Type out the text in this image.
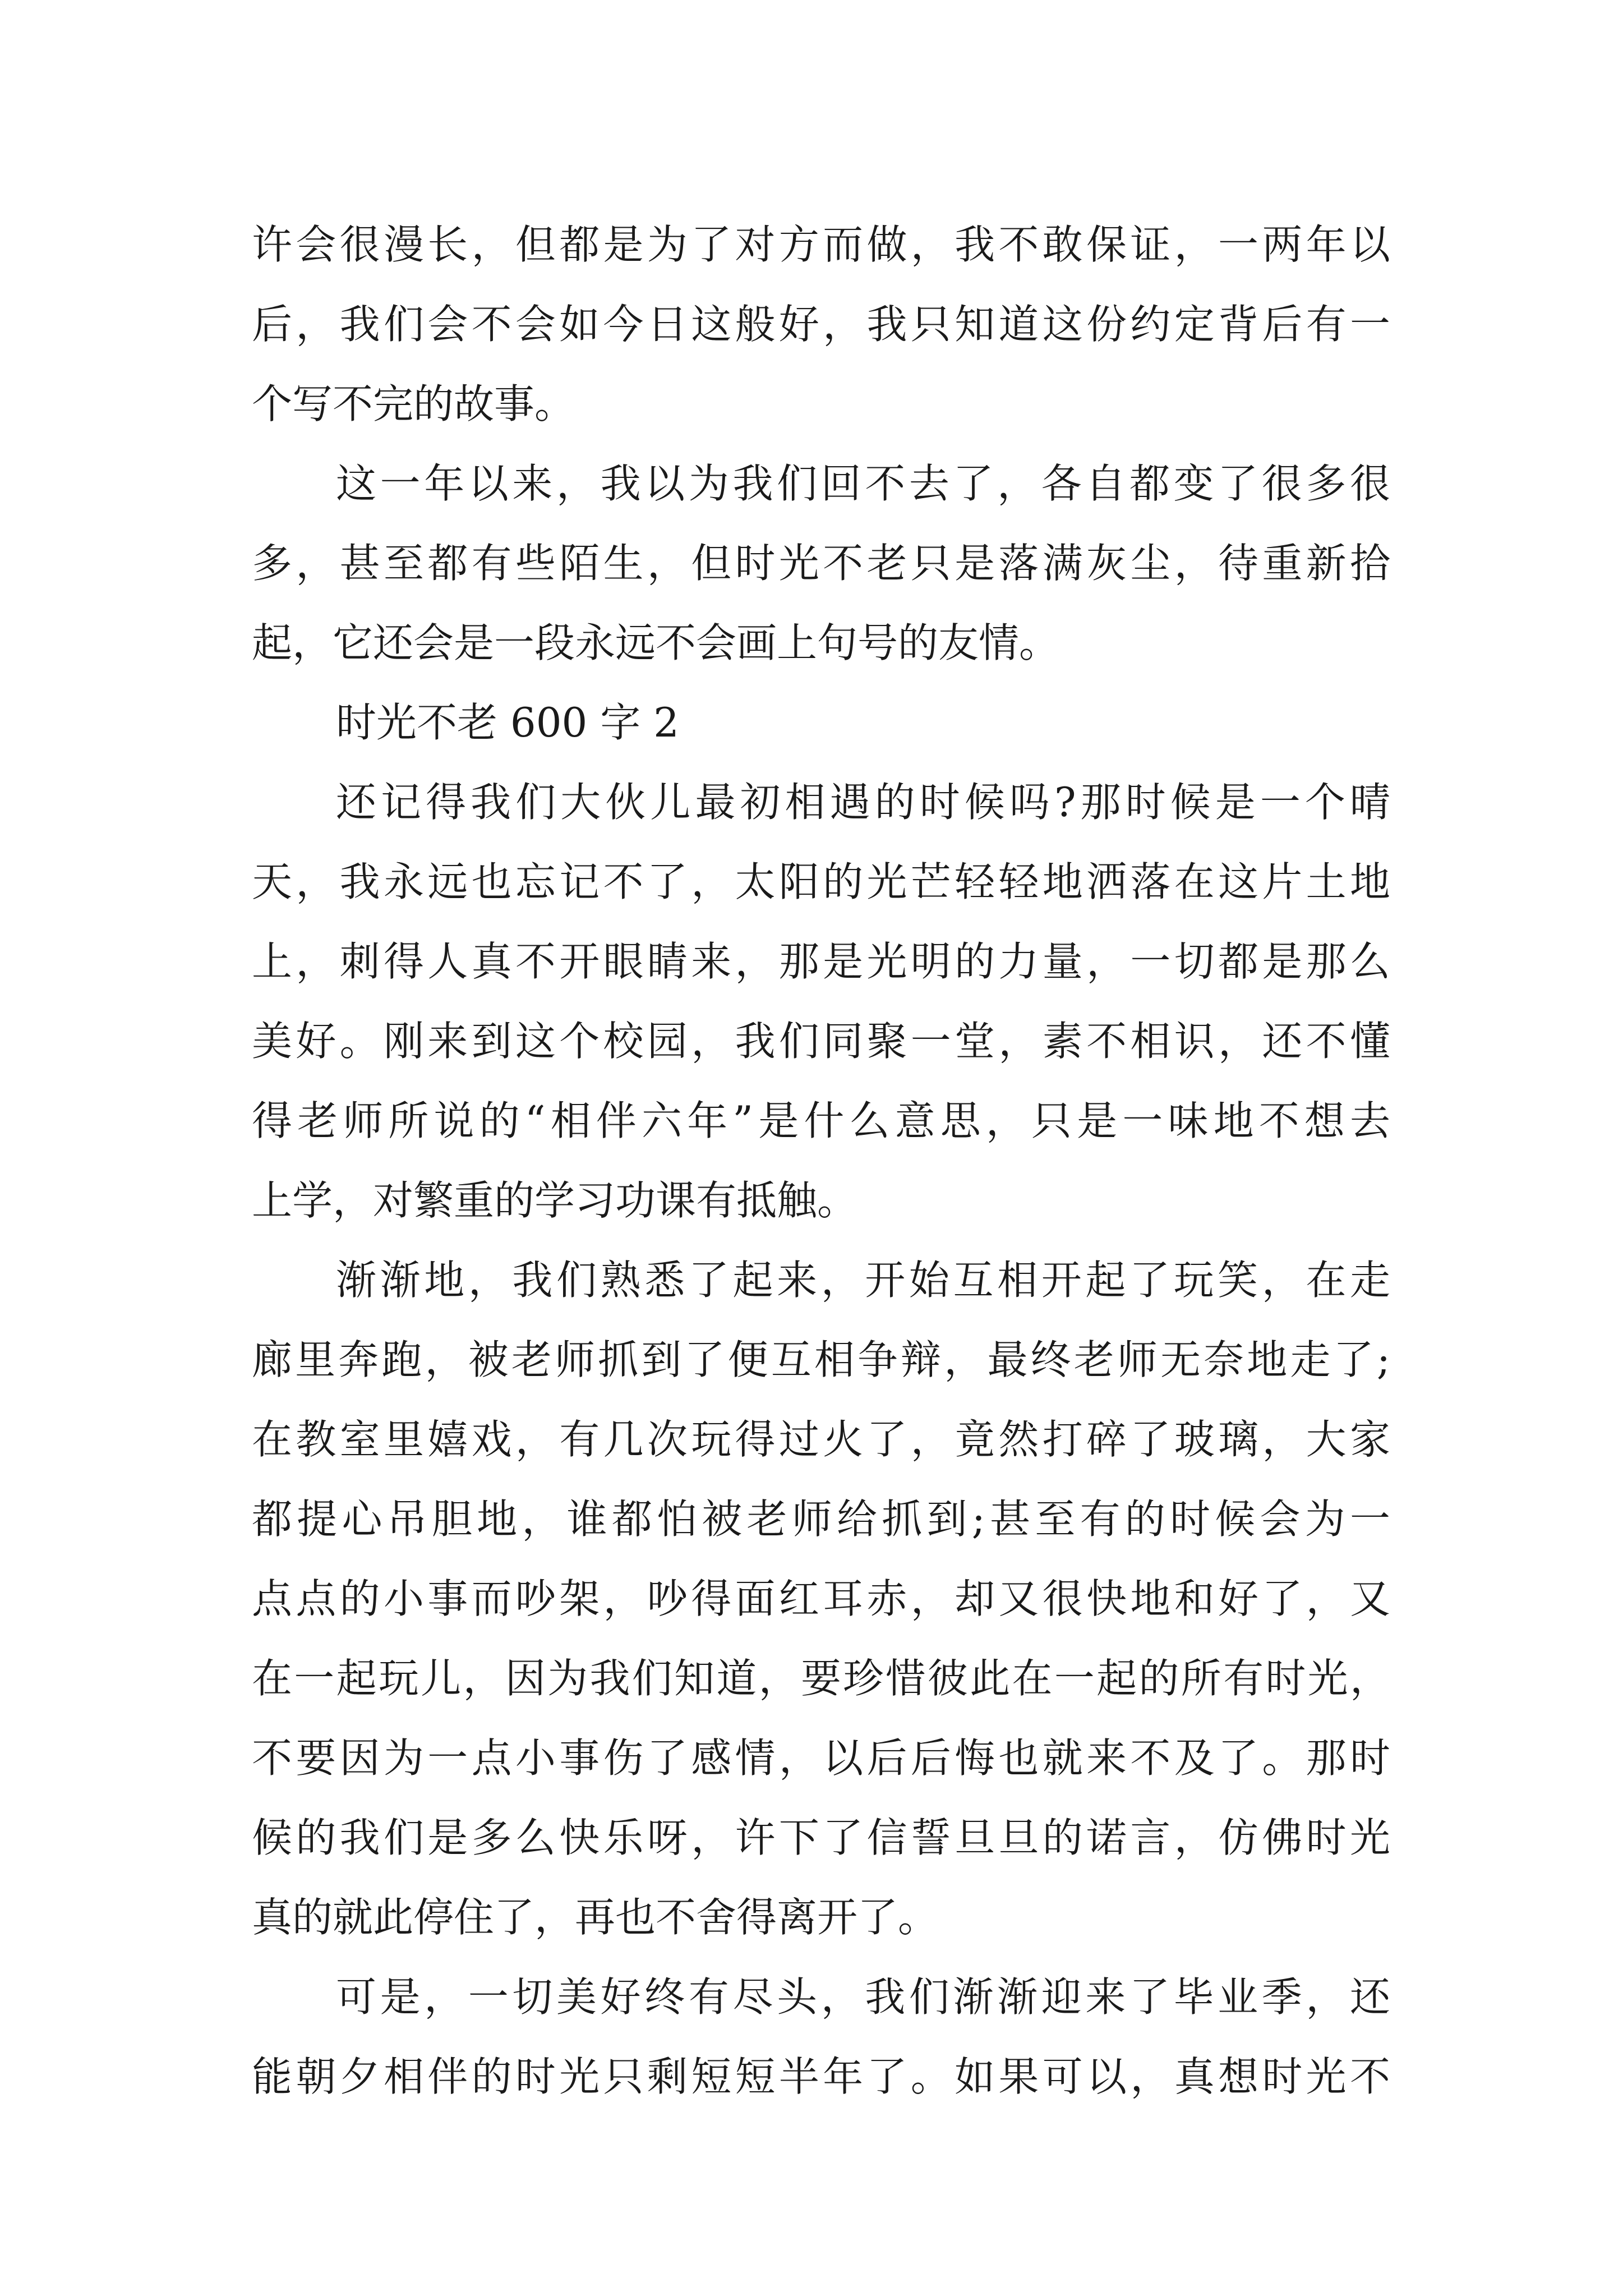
许会很漫长，但都是为了对方而做，我不敢保证，一两年以
后，我们会不会如今日这般好，我只知道这份约定背后有一
个写不完的故事。
这一年以来，我以为我们回不去了，各自都变了很多很
多，甚至都有些陌生，但时光不老只是落满灰尘，待重新拾
起，它还会是一段永远不会画上句号的友情。
时光不老 600 字 2
还记得我们大伙儿最初相遇的时候吗?那时候是一个晴
天，我永远也忘记不了，太阳的光芒轻轻地洒落在这片土地
上，刺得人真不开眼睛来，那是光明的力量，一切都是那么
美好。刚来到这个校园，我们同聚一堂，素不相识，还不懂
得老师所说的“相伴六年”是什么意思，只是一味地不想去
上学，对繁重的学习功课有抵触。
渐渐地，我们熟悉了起来，开始互相开起了玩笑，在走
廊里奔跑，被老师抓到了便互相争辩，最终老师无奈地走了;
在教室里嬉戏，有几次玩得过火了，竟然打碎了玻璃，大家
都提心吊胆地，谁都怕被老师给抓到;甚至有的时候会为一
点点的小事而吵架，吵得面红耳赤，却又很快地和好了，又
在一起玩儿，因为我们知道，要珍惜彼此在一起的所有时光，
不要因为一点小事伤了感情，以后后悔也就来不及了。那时
候的我们是多么快乐呀，许下了信誓旦旦的诺言，仿佛时光
真的就此停住了，再也不舍得离开了。
可是，一切美好终有尽头，我们渐渐迎来了毕业季，还
能朝夕相伴的时光只剩短短半年了。如果可以，真想时光不
